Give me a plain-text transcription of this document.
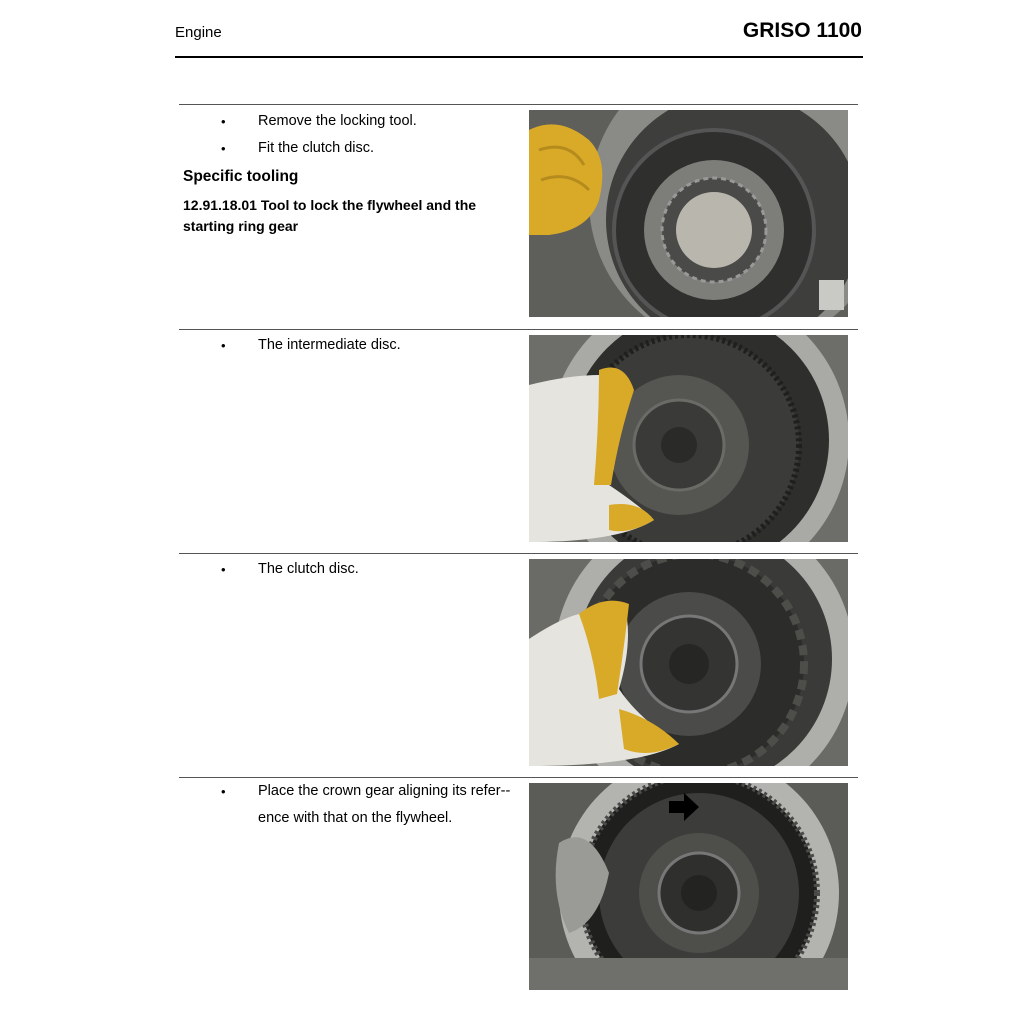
Engine	GRISO 1100
• Remove the locking tool.
• Fit the clutch disc.
Specific tooling
12.91.18.01 Tool to lock the flywheel and the starting ring gear
• The intermediate disc.
• The clutch disc.
• Place the crown gear aligning its refer-ence with that on the flywheel.
